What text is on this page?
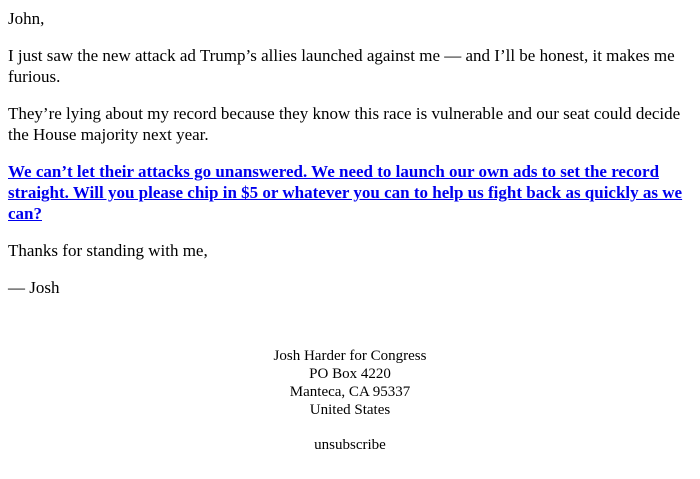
John,

I just saw the new attack ad Trump’s allies launched against me — and I’ll be honest, it makes me furious.

They’re lying about my record because they know this race is vulnerable and our seat could decide the House majority next year.

We can’t let their attacks go unanswered. We need to launch our own ads to set the record straight. Will you please chip in $5 or whatever you can to help us fight back as quickly as we can?

Thanks for standing with me,

— Josh

Josh Harder for Congress
PO Box 4220
Manteca, CA 95337
United States
unsubscribe
